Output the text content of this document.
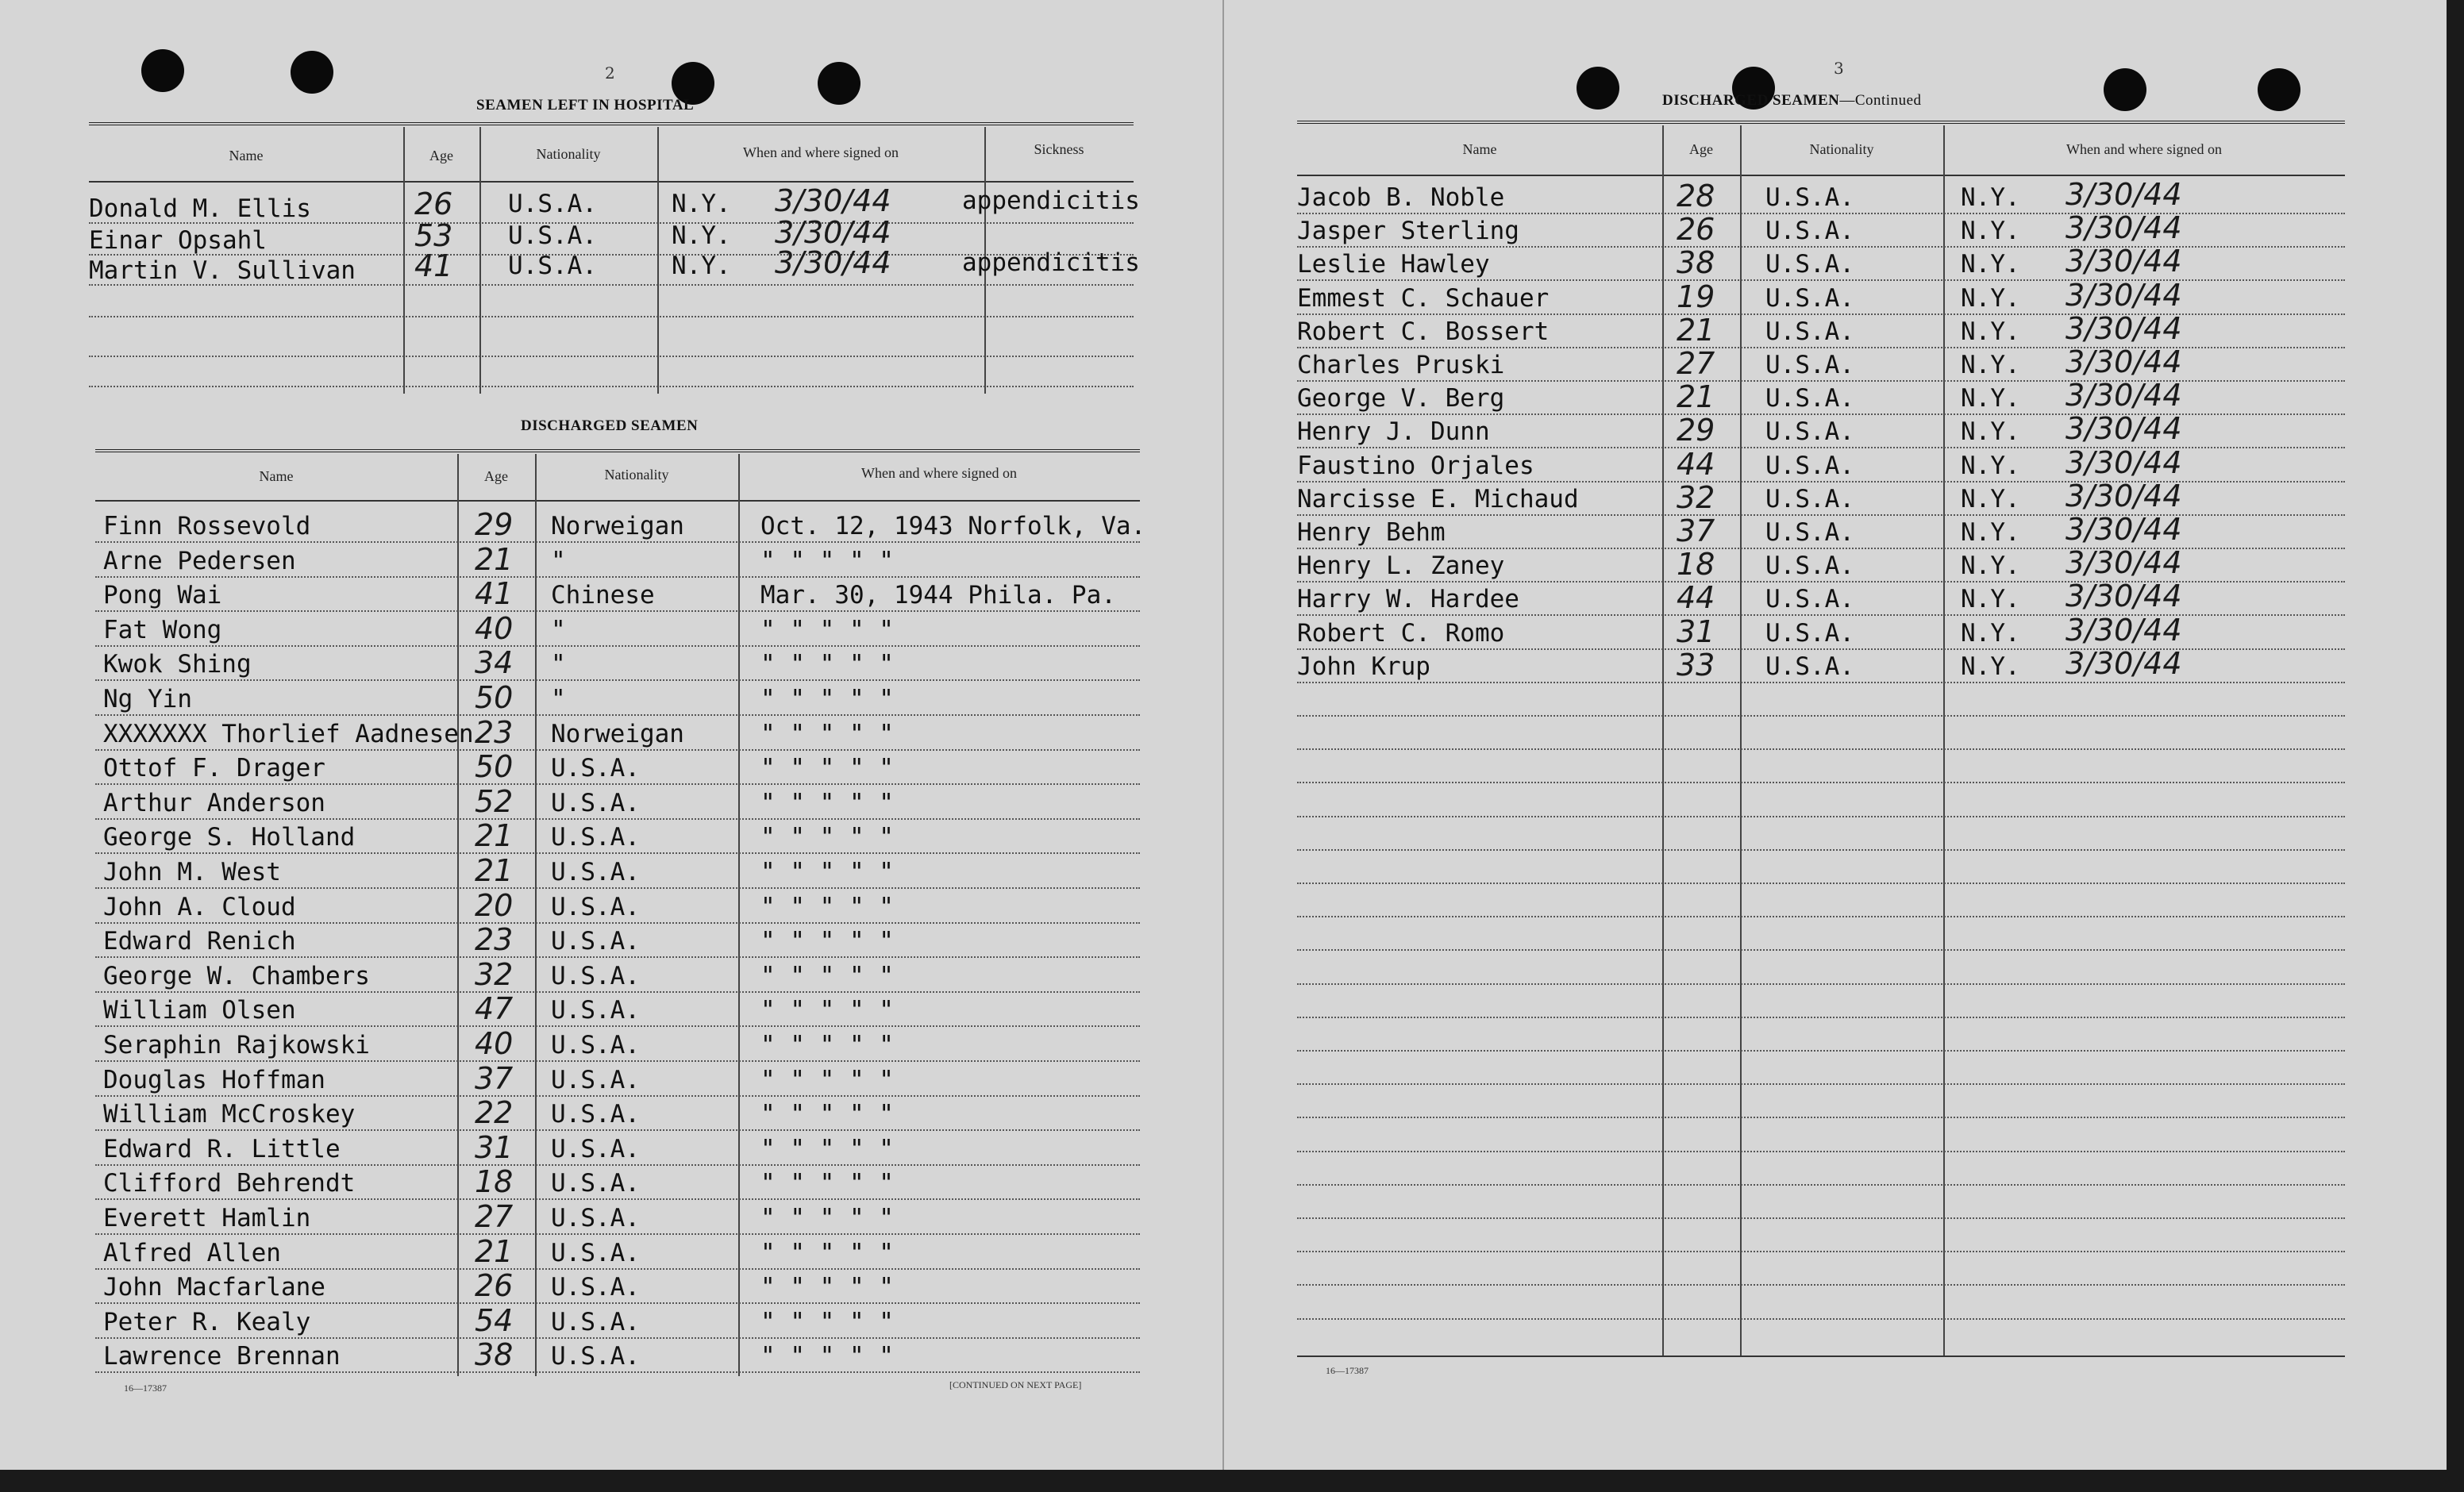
2
SEAMEN LEFT IN HOSPITAL
Name	Age	Nationality	When and where signed on	Sickness
Donald M. Ellis	26 U.S.A.	N.Y. 3/30/44	appendicitis
Einar Opsahl	53 U.S.A.	N.Y. 3/30/44
Martin V. Sullivan 41 U.S.A.	N.Y. 3/30/44	appendicitis
DISCHARGED SEAMEN
Name	Age	Nationality	When and where signed on
Finn Rossevold	29 Norweigan	Oct. 12, 1943 Norfolk, Va.
Arne Pedersen	21 "	" " " " "
Pong Wai	41 Chinese	Mar. 30, 1944 Phila. Pa.
Fat Wong	40 "	" " " " "
Kwok Shing	34 "	" " " " "
Ng Yin	50 "	" " " " "
XXXXXXX Thorlief Aadnesen 23 Norweigan	" " " " "
Ottof F. Drager	50 U.S.A.	" " " " "
Arthur Anderson	52 U.S.A.	" " " " "
George S. Holland	21 U.S.A.	" " " " "
John M. West	21 U.S.A.	" " " " "
John A. Cloud	20 U.S.A.	" " " " "
Edward Renich	23 U.S.A.	" " " " "
George W. Chambers	32 U.S.A.	" " " " "
William Olsen	47 U.S.A.	" " " " "
Seraphin Rajkowski	40 U.S.A.	" " " " "
Douglas Hoffman	37 U.S.A.	" " " " "
William McCroskey	22 U.S.A.	" " " " "
Edward R. Little	31 U.S.A.	" " " " "
Clifford Behrendt	18 U.S.A.	" " " " "
Everett Hamlin	27 U.S.A.	" " " " "
Alfred Allen	21 U.S.A.	" " " " "
John Macfarlane	26 U.S.A.	" " " " "
Peter R. Kealy	54 U.S.A.	" " " " "
Lawrence Brennan	38 U.S.A.	" " " " "
16—17387	[CONTINUED ON NEXT PAGE]
3
DISCHARGED SEAMEN—Continued
Name	Age	Nationality	When and where signed on
Jacob B. Noble	28 U.S.A.	N.Y. 3/30/44
Jasper Sterling	26 U.S.A.	N.Y. 3/30/44
Leslie Hawley	38 U.S.A.	N.Y. 3/30/44
Emmest C. Schauer	19 U.S.A.	N.Y. 3/30/44
Robert C. Bossert	21 U.S.A.	N.Y. 3/30/44
Charles Pruski	27 U.S.A.	N.Y. 3/30/44
George V. Berg	21 U.S.A.	N.Y. 3/30/44
Henry J. Dunn	29 U.S.A.	N.Y. 3/30/44
Faustino Orjales	44 U.S.A.	N.Y. 3/30/44
Narcisse E. Michaud	32 U.S.A.	N.Y. 3/30/44
Henry Behm	37 U.S.A.	N.Y. 3/30/44
Henry L. Zaney	18 U.S.A.	N.Y. 3/30/44
Harry W. Hardee	44 U.S.A.	N.Y. 3/30/44
Robert C. Romo	31 U.S.A.	N.Y. 3/30/44
John Krup	33 U.S.A.	N.Y. 3/30/44
16—17387
